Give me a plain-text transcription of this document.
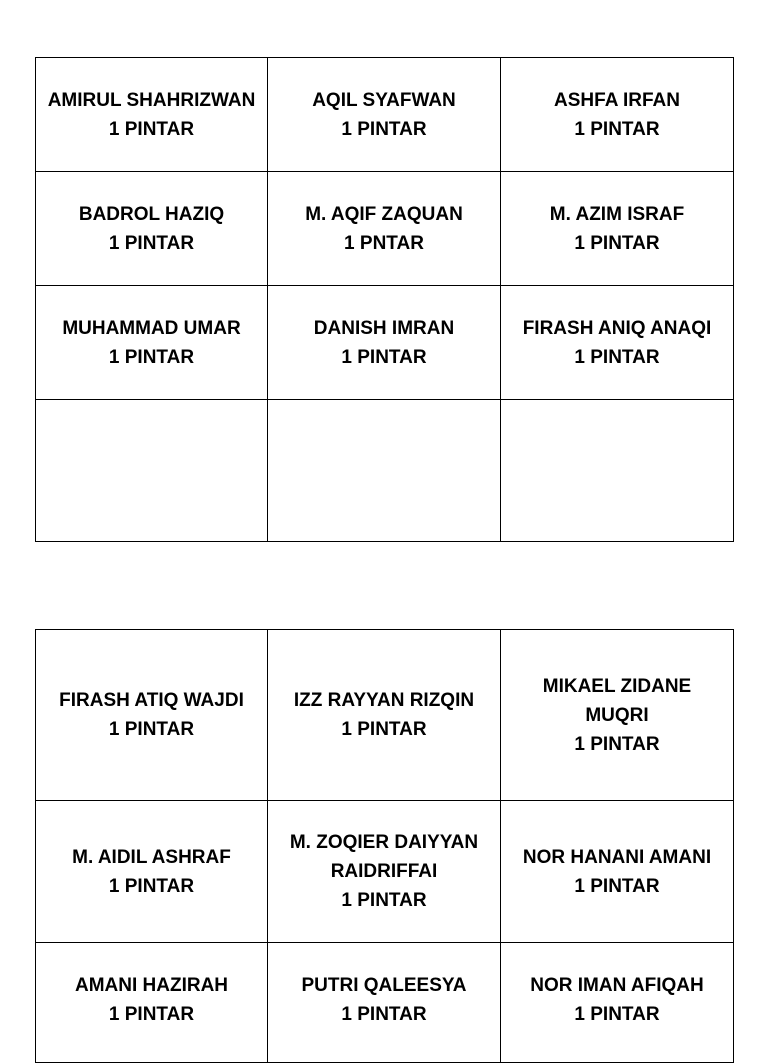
AMIRUL SHAHRIZWAN
1 PINTAR	AQIL SYAFWAN
1 PINTAR	ASHFA IRFAN
1 PINTAR

BADROL HAZIQ
1 PINTAR	M. AQIF ZAQUAN
1 PNTAR	M. AZIM ISRAF
1 PINTAR

MUHAMMAD UMAR
1 PINTAR	DANISH IMRAN
1 PINTAR	FIRASH ANIQ ANAQI
1 PINTAR

FIRASH ATIQ WAJDI
1 PINTAR	IZZ RAYYAN RIZQIN
1 PINTAR	MIKAEL ZIDANE
MUQRI
1 PINTAR

M. AIDIL ASHRAF
1 PINTAR	M. ZOQIER DAIYYAN
RAIDRIFFAI
1 PINTAR	NOR HANANI AMANI
1 PINTAR

AMANI HAZIRAH
1 PINTAR	PUTRI QALEESYA
1 PINTAR	NOR IMAN AFIQAH
1 PINTAR
